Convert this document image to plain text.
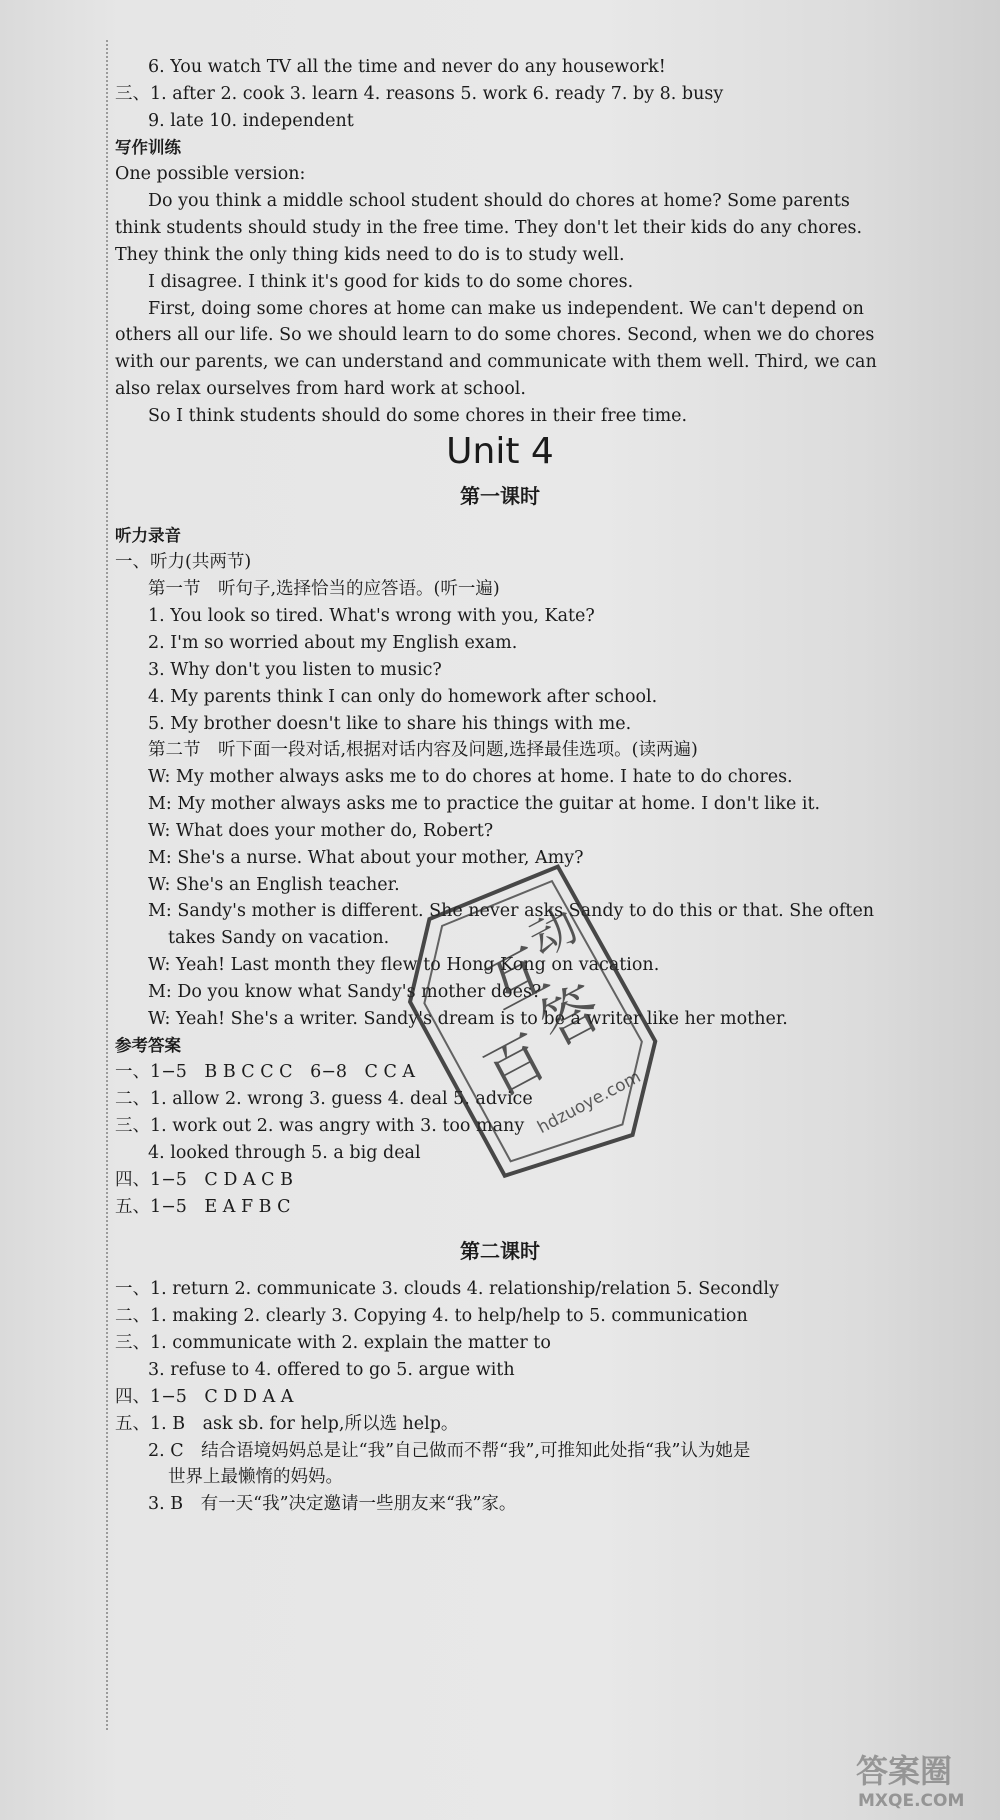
6. You watch TV all the time and never do any housework!
三、1. after 2. cook 3. learn 4. reasons 5. work 6. ready 7. by 8. busy
9. late 10. independent
写作训练
One possible version:
Do you think a middle school student should do chores at home? Some parents
think students should study in the free time. They don't let their kids do any chores.
They think the only thing kids need to do is to study well.
I disagree. I think it's good for kids to do some chores.
First, doing some chores at home can make us independent. We can't depend on
others all our life. So we should learn to do some chores. Second, when we do chores
with our parents, we can understand and communicate with them well. Third, we can
also relax ourselves from hard work at school.
So I think students should do some chores in their free time.
Unit 4
第一课时
听力录音
一、听力(共两节)
第一节　听句子,选择恰当的应答语。(听一遍)
1. You look so tired. What's wrong with you, Kate?
2. I'm so worried about my English exam.
3. Why don't you listen to music?
4. My parents think I can only do homework after school.
5. My brother doesn't like to share his things with me.
第二节　听下面一段对话,根据对话内容及问题,选择最佳选项。(读两遍)
W: My mother always asks me to do chores at home. I hate to do chores.
M: My mother always asks me to practice the guitar at home. I don't like it.
W: What does your mother do, Robert?
M: She's a nurse. What about your mother, Amy?
W: She's an English teacher.
M: Sandy's mother is different. She never asks Sandy to do this or that. She often
takes Sandy on vacation.
W: Yeah! Last month they flew to Hong Kong on vacation.
M: Do you know what Sandy's mother does?
W: Yeah! She's a writer. Sandy's dream is to be a writer like her mother.
参考答案
一、1−5　B B C C C　6−8　C C A
二、1. allow 2. wrong 3. guess 4. deal 5. advice
三、1. work out 2. was angry with 3. too many
4. looked through 5. a big deal
四、1−5　C D A C B
五、1−5　E A F B C
第二课时
一、1. return 2. communicate 3. clouds 4. relationship/relation 5. Secondly
二、1. making 2. clearly 3. Copying 4. to help/help to 5. communication
三、1. communicate with 2. explain the matter to
3. refuse to 4. offered to go 5. argue with
四、1−5　C D D A A
五、1. B　ask sb. for help,所以选 help。
2. C　结合语境妈妈总是让“我”自己做而不帮“我”,可推知此处指“我”认为她是
世界上最懒惰的妈妈。
3. B　有一天“我”决定邀请一些朋友来“我”家。
互
动
百
答
hdzuoye.com
答案圈
MXQE.COM
